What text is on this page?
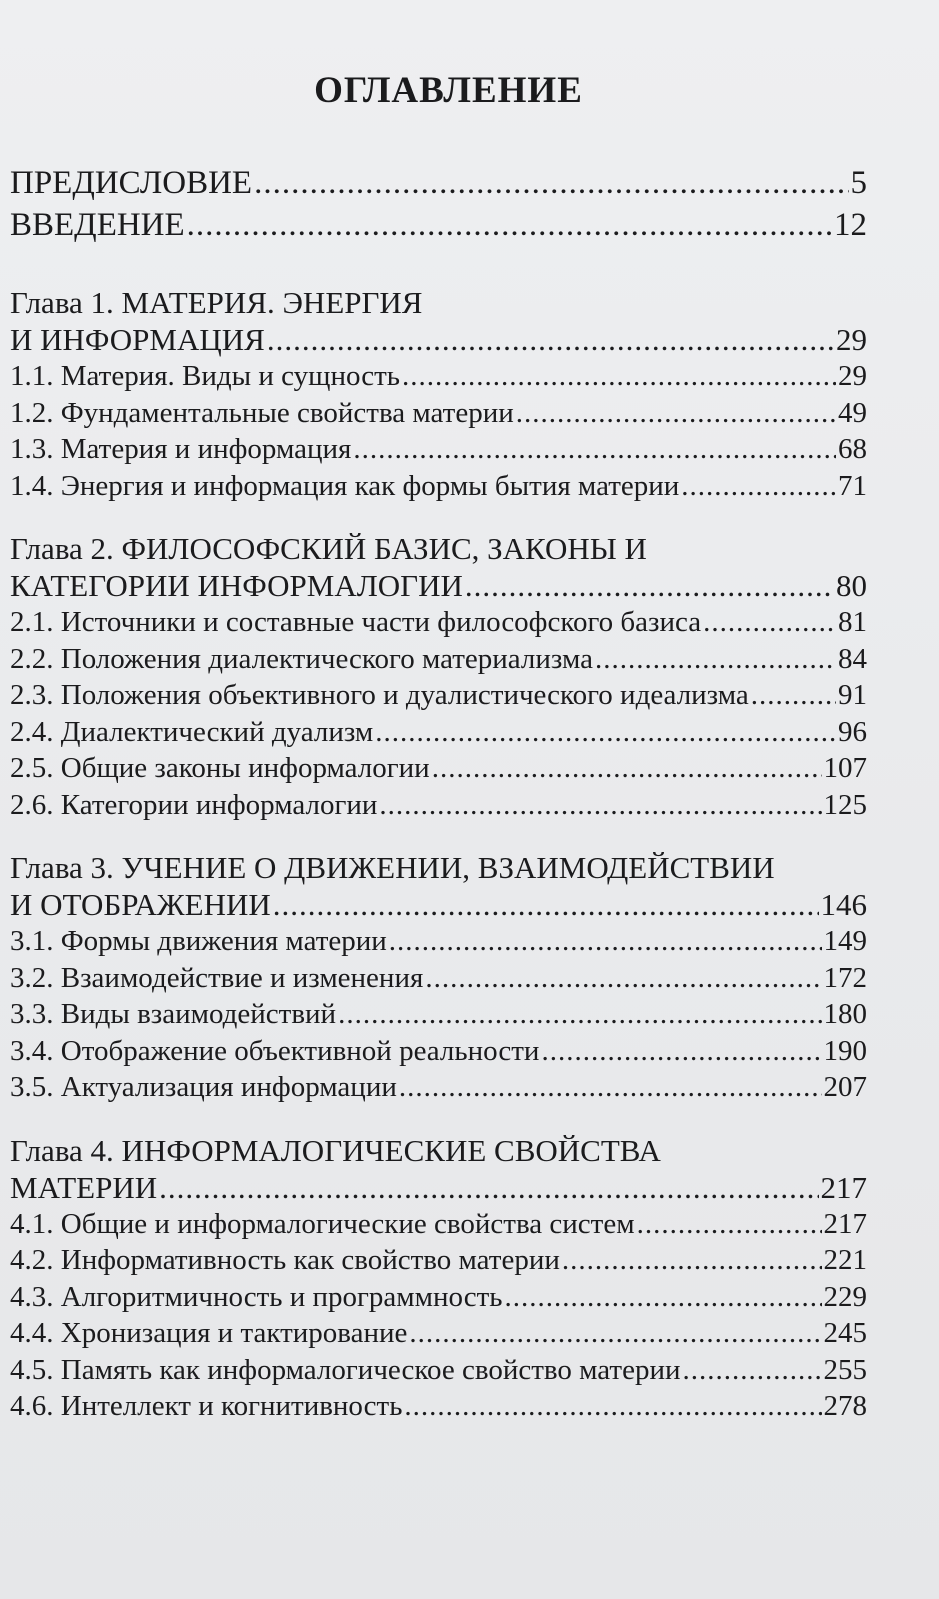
ОГЛАВЛЕНИЕ
ПРЕДИСЛОВИЕ .....	5
ВВЕДЕНИЕ .....	12
Глава 1. МАТЕРИЯ. ЭНЕРГИЯ
И ИНФОРМАЦИЯ .....	29
1.1. Материя. Виды и сущность .....	29
1.2. Фундаментальные свойства материи .....	49
1.3. Материя и информация .....	68
1.4. Энергия и информация как формы бытия материи .....	71
Глава 2. ФИЛОСОФСКИЙ БАЗИС, ЗАКОНЫ И
КАТЕГОРИИ ИНФОРМАЛОГИИ .....	80
2.1. Источники и составные части философского базиса .....	81
2.2. Положения диалектического материализма .....	84
2.3. Положения объективного и дуалистического идеализма .....	91
2.4. Диалектический дуализм .....	96
2.5. Общие законы информалогии .....	107
2.6. Категории информалогии .....	125
Глава 3. УЧЕНИЕ О ДВИЖЕНИИ, ВЗАИМОДЕЙСТВИИ
И ОТОБРАЖЕНИИ .....	146
3.1. Формы движения материи .....	149
3.2. Взаимодействие и изменения .....	172
3.3. Виды взаимодействий .....	180
3.4. Отображение объективной реальности .....	190
3.5. Актуализация информации .....	207
Глава 4. ИНФОРМАЛОГИЧЕСКИЕ СВОЙСТВА
МАТЕРИИ .....	217
4.1. Общие и информалогические свойства систем .....	217
4.2. Информативность как свойство материи .....	221
4.3. Алгоритмичность и программность .....	229
4.4. Хронизация и тактирование .....	245
4.5. Память как информалогическое свойство материи .....	255
4.6. Интеллект и когнитивность .....	278
